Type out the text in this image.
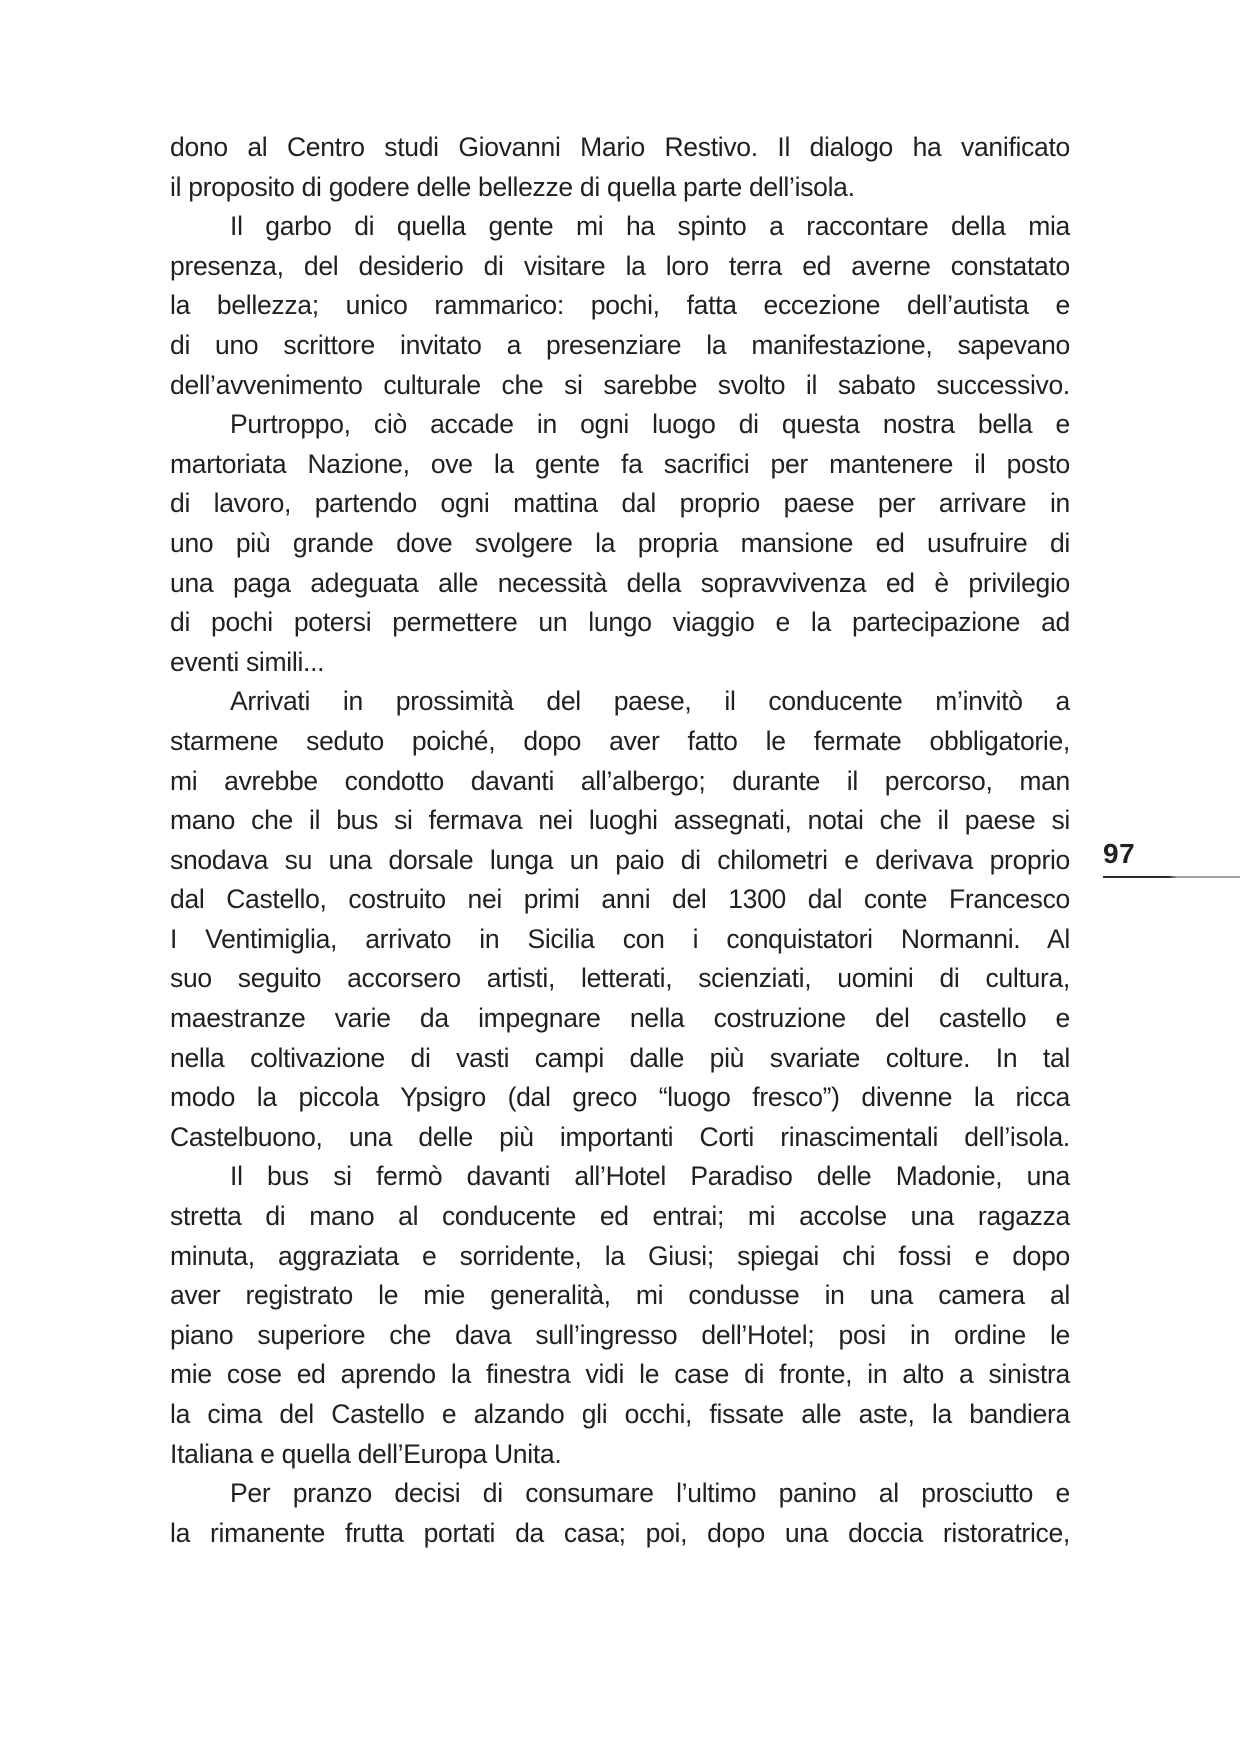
dono al Centro studi Giovanni Mario Restivo. Il dialogo ha vanificato
il proposito di godere delle bellezze di quella parte dell’isola.
Il garbo di quella gente mi ha spinto a raccontare della mia
presenza, del desiderio di visitare la loro terra ed averne constatato
la bellezza; unico rammarico: pochi, fatta eccezione dell’autista e
di uno scrittore invitato a presenziare la manifestazione, sapevano
dell’avvenimento culturale che si sarebbe svolto il sabato successivo.
Purtroppo, ciò accade in ogni luogo di questa nostra bella e
martoriata Nazione, ove la gente fa sacrifici per mantenere il posto
di lavoro, partendo ogni mattina dal proprio paese per arrivare in
uno più grande dove svolgere la propria mansione ed usufruire di
una paga adeguata alle necessità della sopravvivenza ed è privilegio
di pochi potersi permettere un lungo viaggio e la partecipazione ad
eventi simili...
Arrivati in prossimità del paese, il conducente m’invitò a
starmene seduto poiché, dopo aver fatto le fermate obbligatorie,
mi avrebbe condotto davanti all’albergo; durante il percorso, man
mano che il bus si fermava nei luoghi assegnati, notai che il paese si
snodava su una dorsale lunga un paio di chilometri e derivava proprio
dal Castello, costruito nei primi anni del 1300 dal conte Francesco
I Ventimiglia, arrivato in Sicilia con i conquistatori Normanni. Al
suo seguito accorsero artisti, letterati, scienziati, uomini di cultura,
maestranze varie da impegnare nella costruzione del castello e
nella coltivazione di vasti campi dalle più svariate colture. In tal
modo la piccola Ypsigro (dal greco “luogo fresco”) divenne la ricca
Castelbuono, una delle più importanti Corti rinascimentali dell’isola.
Il bus si fermò davanti all’Hotel Paradiso delle Madonie, una
stretta di mano al conducente ed entrai; mi accolse una ragazza
minuta, aggraziata e sorridente, la Giusi; spiegai chi fossi e dopo
aver registrato le mie generalità, mi condusse in una camera al
piano superiore che dava sull’ingresso dell’Hotel; posi in ordine le
mie cose ed aprendo la finestra vidi le case di fronte, in alto a sinistra
la cima del Castello e alzando gli occhi, fissate alle aste, la bandiera
Italiana e quella dell’Europa Unita.
Per pranzo decisi di consumare l’ultimo panino al prosciutto e
la rimanente frutta portati da casa; poi, dopo una doccia ristoratrice,
97
